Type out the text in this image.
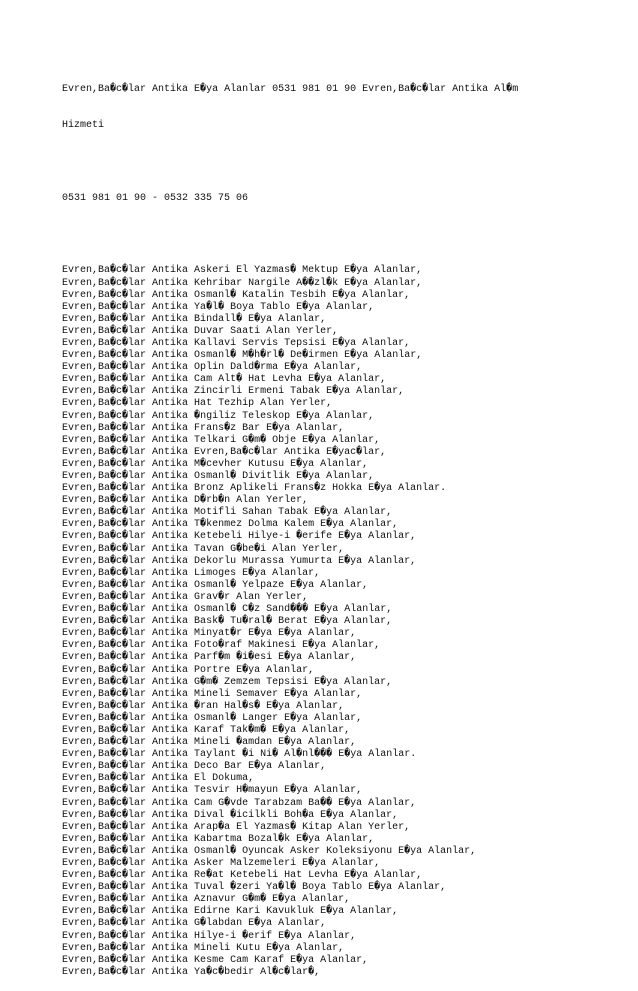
Evren,Ba�c�lar Antika E�ya Alanlar 0531 981 01 90 Evren,Ba�c�lar Antika Al�m

Hizmeti

0531 981 01 90 - 0532 335 75 06

Evren,Ba�c�lar Antika Askeri El Yazmas� Mektup E�ya Alanlar,
Evren,Ba�c�lar Antika Kehribar Nargile A��zl�k E�ya Alanlar,
Evren,Ba�c�lar Antika Osmanl� Katalin Tesbih E�ya Alanlar,
Evren,Ba�c�lar Antika Ya�l� Boya Tablo E�ya Alanlar,
Evren,Ba�c�lar Antika Bindall� E�ya Alanlar,
Evren,Ba�c�lar Antika Duvar Saati Alan Yerler,
Evren,Ba�c�lar Antika Kallavi Servis Tepsisi E�ya Alanlar,
Evren,Ba�c�lar Antika Osmanl� M�h�rl� De�irmen E�ya Alanlar,
Evren,Ba�c�lar Antika Oplin Dald�rma E�ya Alanlar,
Evren,Ba�c�lar Antika Cam Alt� Hat Levha E�ya Alanlar,
Evren,Ba�c�lar Antika Zincirli Ermeni Tabak E�ya Alanlar,
Evren,Ba�c�lar Antika Hat Tezhip Alan Yerler,
Evren,Ba�c�lar Antika �ngiliz Teleskop E�ya Alanlar,
Evren,Ba�c�lar Antika Frans�z Bar E�ya Alanlar,
Evren,Ba�c�lar Antika Telkari G�m� Obje E�ya Alanlar,
Evren,Ba�c�lar Antika Evren,Ba�c�lar Antika E�yac�lar,
Evren,Ba�c�lar Antika M�cevher Kutusu E�ya Alanlar,
Evren,Ba�c�lar Antika Osmanl� Divitlik E�ya Alanlar,
Evren,Ba�c�lar Antika Bronz Aplikeli Frans�z Hokka E�ya Alanlar.
Evren,Ba�c�lar Antika D�rb�n Alan Yerler,
Evren,Ba�c�lar Antika Motifli Sahan Tabak E�ya Alanlar,
Evren,Ba�c�lar Antika T�kenmez Dolma Kalem E�ya Alanlar,
Evren,Ba�c�lar Antika Ketebeli Hilye-i �erife E�ya Alanlar,
Evren,Ba�c�lar Antika Tavan G�be�i Alan Yerler,
Evren,Ba�c�lar Antika Dekorlu Murassa Yumurta E�ya Alanlar,
Evren,Ba�c�lar Antika Limoges E�ya Alanlar,
Evren,Ba�c�lar Antika Osmanl� Yelpaze E�ya Alanlar,
Evren,Ba�c�lar Antika Grav�r Alan Yerler,
Evren,Ba�c�lar Antika Osmanl� C�z Sand��� E�ya Alanlar,
Evren,Ba�c�lar Antika Bask� Tu�ral� Berat E�ya Alanlar,
Evren,Ba�c�lar Antika Minyat�r E�ya E�ya Alanlar,
Evren,Ba�c�lar Antika Foto�raf Makinesi E�ya Alanlar,
Evren,Ba�c�lar Antika Parf�m �i�esi E�ya Alanlar,
Evren,Ba�c�lar Antika Portre E�ya Alanlar,
Evren,Ba�c�lar Antika G�m� Zemzem Tepsisi E�ya Alanlar,
Evren,Ba�c�lar Antika Mineli Semaver E�ya Alanlar,
Evren,Ba�c�lar Antika �ran Hal�s� E�ya Alanlar,
Evren,Ba�c�lar Antika Osmanl� Langer E�ya Alanlar,
Evren,Ba�c�lar Antika Karaf Tak�m� E�ya Alanlar,
Evren,Ba�c�lar Antika Mineli �amdan E�ya Alanlar,
Evren,Ba�c�lar Antika Taylant �i Ni� Al�nl��� E�ya Alanlar.
Evren,Ba�c�lar Antika Deco Bar E�ya Alanlar,
Evren,Ba�c�lar Antika El Dokuma,
Evren,Ba�c�lar Antika Tesvir H�mayun E�ya Alanlar,
Evren,Ba�c�lar Antika Cam G�vde Tarabzam Ba�� E�ya Alanlar,
Evren,Ba�c�lar Antika Dival �icilkli Boh�a E�ya Alanlar,
Evren,Ba�c�lar Antika Arap�a El Yazmas� Kitap Alan Yerler,
Evren,Ba�c�lar Antika Kabartma Bozal�k E�ya Alanlar,
Evren,Ba�c�lar Antika Osmanl� Oyuncak Asker Koleksiyonu E�ya Alanlar,
Evren,Ba�c�lar Antika Asker Malzemeleri E�ya Alanlar,
Evren,Ba�c�lar Antika Re�at Ketebeli Hat Levha E�ya Alanlar,
Evren,Ba�c�lar Antika Tuval �zeri Ya�l� Boya Tablo E�ya Alanlar,
Evren,Ba�c�lar Antika Aznavur G�m� E�ya Alanlar,
Evren,Ba�c�lar Antika Edirne Kari Kavukluk E�ya Alanlar,
Evren,Ba�c�lar Antika G�labdan E�ya Alanlar,
Evren,Ba�c�lar Antika Hilye-i �erif E�ya Alanlar,
Evren,Ba�c�lar Antika Mineli Kutu E�ya Alanlar,
Evren,Ba�c�lar Antika Kesme Cam Karaf E�ya Alanlar,
Evren,Ba�c�lar Antika Ya�c�bedir Al�c�lar�,
